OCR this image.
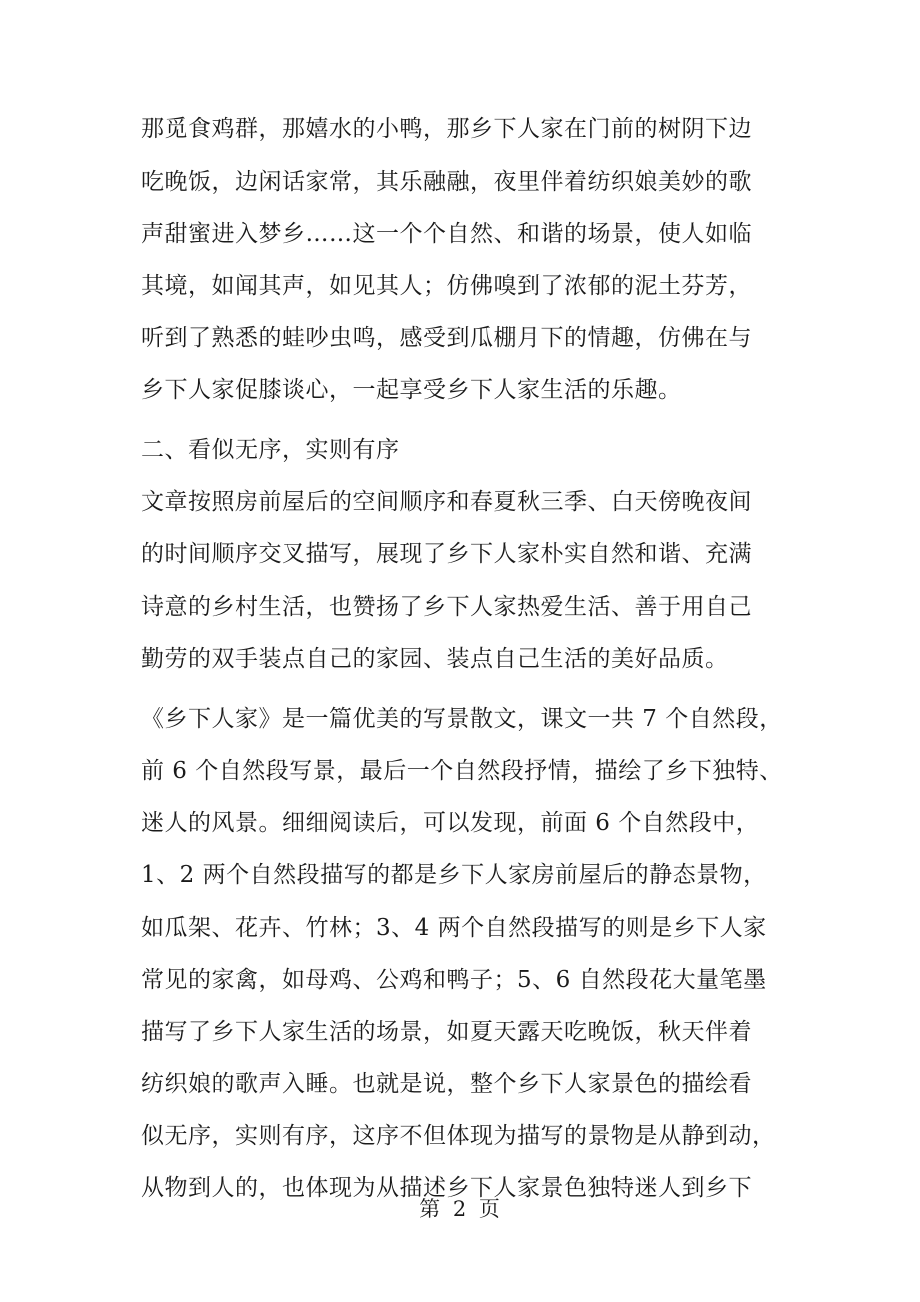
那觅食鸡群，那嬉水的小鸭，那乡下人家在门前的树阴下边
吃晚饭，边闲话家常，其乐融融，夜里伴着纺织娘美妙的歌
声甜蜜进入梦乡……这一个个自然、和谐的场景，使人如临
其境，如闻其声，如见其人；仿佛嗅到了浓郁的泥土芬芳，
听到了熟悉的蛙吵虫鸣，感受到瓜棚月下的情趣，仿佛在与
乡下人家促膝谈心，一起享受乡下人家生活的乐趣。
二、看似无序，实则有序
文章按照房前屋后的空间顺序和春夏秋三季、白天傍晚夜间
的时间顺序交叉描写，展现了乡下人家朴实自然和谐、充满
诗意的乡村生活，也赞扬了乡下人家热爱生活、善于用自己
勤劳的双手装点自己的家园、装点自己生活的美好品质。
《乡下人家》是一篇优美的写景散文，课文一共 7 个自然段，
前 6 个自然段写景，最后一个自然段抒情，描绘了乡下独特、
迷人的风景。细细阅读后，可以发现，前面 6 个自然段中，
1、2 两个自然段描写的都是乡下人家房前屋后的静态景物，
如瓜架、花卉、竹林；3、4 两个自然段描写的则是乡下人家
常见的家禽，如母鸡、公鸡和鸭子；5、6 自然段花大量笔墨
描写了乡下人家生活的场景，如夏天露天吃晚饭，秋天伴着
纺织娘的歌声入睡。也就是说，整个乡下人家景色的描绘看
似无序，实则有序，这序不但体现为描写的景物是从静到动，
从物到人的，也体现为从描述乡下人家景色独特迷人到乡下
第 2 页
